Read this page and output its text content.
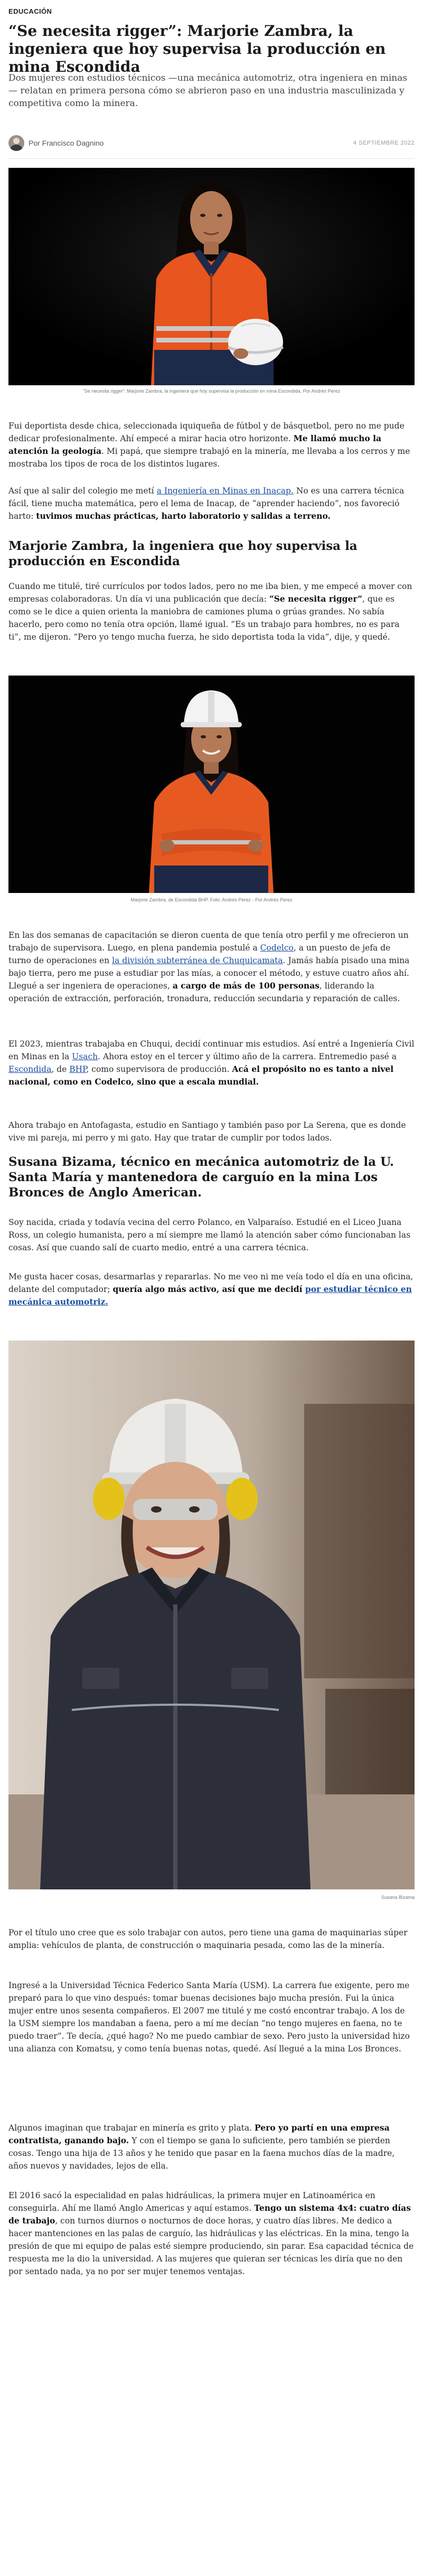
EDUCACIÓN
“Se necesita rigger”: Marjorie Zambra, la ingeniera que hoy supervisa la producción en mina Escondida

Dos mujeres con estudios técnicos —una mecánica automotriz, otra ingeniera en minas— relatan en primera persona cómo se abrieron paso en una industria masculinizada y competitiva como la minera.

Por Francisco Dagnino	4 SEPTIEMBRE 2022
“Se necesita rigger”: Marjorie Zambra, la ingeniera que hoy supervisa la producción en mina Escondida. Por Andrés Perez

Fui deportista desde chica, seleccionada iquiqueña de fútbol y de básquetbol, pero no me pude dedicar profesionalmente. Ahí empecé a mirar hacia otro horizonte. Me llamó mucho la atención la geología. Mi papá, que siempre trabajó en la minería, me llevaba a los cerros y me mostraba los tipos de roca de los distintos lugares.

Así que al salir del colegio me metí a Ingeniería en Minas en Inacap. No es una carrera técnica fácil, tiene mucha matemática, pero el lema de Inacap, de “aprender haciendo”, nos favoreció harto: tuvimos muchas prácticas, harto laboratorio y salidas a terreno.

Marjorie Zambra, la ingeniera que hoy supervisa la producción en Escondida

Cuando me titulé, tiré currículos por todos lados, pero no me iba bien, y me empecé a mover con empresas colaboradoras. Un día vi una publicación que decía: “Se necesita rigger”, que es como se le dice a quien orienta la maniobra de camiones pluma o grúas grandes. No sabía hacerlo, pero como no tenía otra opción, llamé igual. “Es un trabajo para hombres, no es para ti”, me dijeron. “Pero yo tengo mucha fuerza, he sido deportista toda la vida”, dije, y quedé.

Marjorie Zambra, de Escondida BHP. Foto: Andrés Perez - Por Andrés Perez

En las dos semanas de capacitación se dieron cuenta de que tenía otro perfil y me ofrecieron un trabajo de supervisora. Luego, en plena pandemia postulé a Codelco, a un puesto de jefa de turno de operaciones en la división subterránea de Chuquicamata. Jamás había pisado una mina bajo tierra, pero me puse a estudiar por las mías, a conocer el método, y estuve cuatro años ahí. Llegué a ser ingeniera de operaciones, a cargo de más de 100 personas, liderando la operación de extracción, perforación, tronadura, reducción secundaria y reparación de calles.

El 2023, mientras trabajaba en Chuqui, decidí continuar mis estudios. Así entré a Ingeniería Civil en Minas en la Usach. Ahora estoy en el tercer y último año de la carrera. Entremedio pasé a Escondida, de BHP, como supervisora de producción. Acá el propósito no es tanto a nivel nacional, como en Codelco, sino que a escala mundial.

Ahora trabajo en Antofagasta, estudio en Santiago y también paso por La Serena, que es donde vive mi pareja, mi perro y mi gato. Hay que tratar de cumplir por todos lados.

Susana Bizama, técnico en mecánica automotriz de la U. Santa María y mantenedora de carguío en la mina Los Bronces de Anglo American.

Soy nacida, criada y todavía vecina del cerro Polanco, en Valparaíso. Estudié en el Liceo Juana Ross, un colegio humanista, pero a mí siempre me llamó la atención saber cómo funcionaban las cosas. Así que cuando salí de cuarto medio, entré a una carrera técnica.

Me gusta hacer cosas, desarmarlas y repararlas. No me veo ni me veía todo el día en una oficina, delante del computador; quería algo más activo, así que me decidí por estudiar técnico en mecánica automotriz.

Susana Bizama

Por el título uno cree que es solo trabajar con autos, pero tiene una gama de maquinarias súper amplia: vehículos de planta, de construcción o maquinaria pesada, como las de la minería.

Ingresé a la Universidad Técnica Federico Santa María (USM). La carrera fue exigente, pero me preparó para lo que vino después: tomar buenas decisiones bajo mucha presión. Fui la única mujer entre unos sesenta compañeros. El 2007 me titulé y me costó encontrar trabajo. A los de la USM siempre los mandaban a faena, pero a mí me decían “no tengo mujeres en faena, no te puedo traer”. Te decía, ¿qué hago? No me puedo cambiar de sexo. Pero justo la universidad hizo una alianza con Komatsu, y como tenía buenas notas, quedé. Así llegué a la mina Los Bronces.

Algunos imaginan que trabajar en minería es grito y plata. Pero yo partí en una empresa contratista, ganando bajo. Y con el tiempo se gana lo suficiente, pero también se pierden cosas. Tengo una hija de 13 años y he tenido que pasar en la faena muchos días de la madre, años nuevos y navidades, lejos de ella.

El 2016 sacó la especialidad en palas hidráulicas, la primera mujer en Latinoamérica en conseguirla. Ahí me llamó Anglo Americas y aquí estamos. Tengo un sistema 4x4: cuatro días de trabajo, con turnos diurnos o nocturnos de doce horas, y cuatro días libres. Me dedico a hacer mantenciones en las palas de carguío, las hidráulicas y las eléctricas. En la mina, tengo la presión de que mi equipo de palas esté siempre produciendo, sin parar. Esa capacidad técnica de respuesta me la dio la universidad. A las mujeres que quieran ser técnicas les diría que no den por sentado nada, ya no por ser mujer tenemos ventajas.
